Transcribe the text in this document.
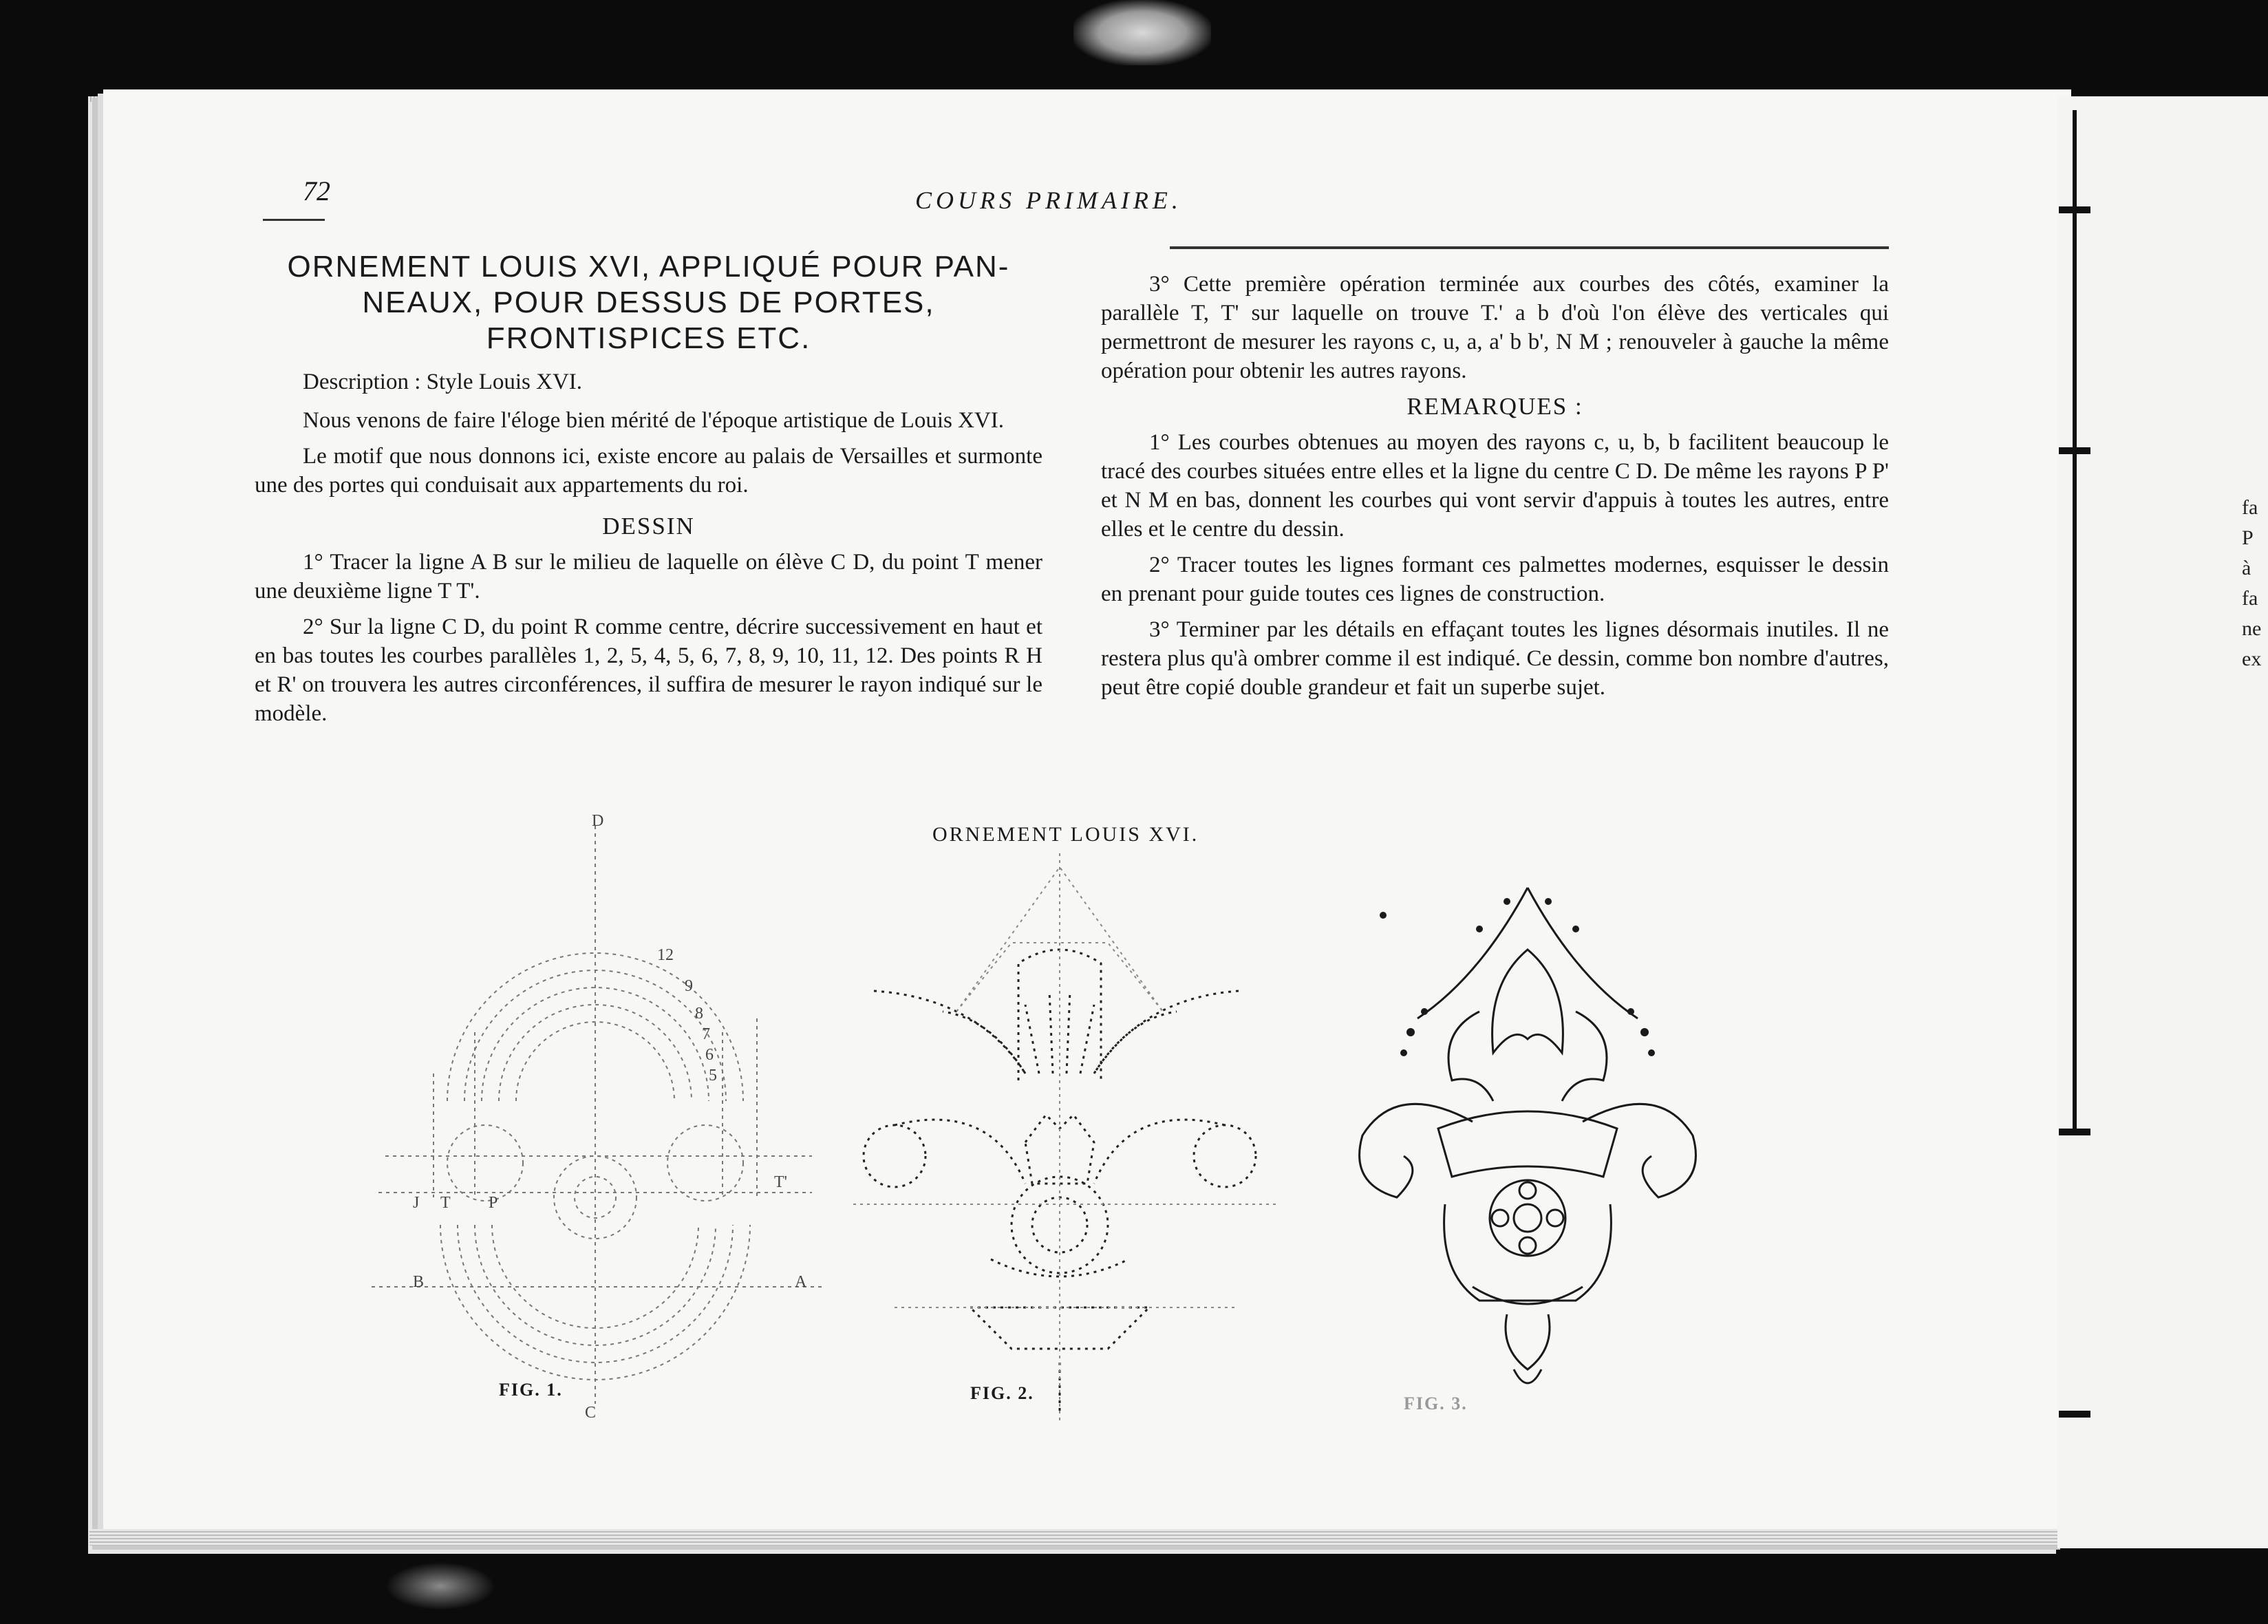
fa
P
à
fa
ne
ex
72	COURS PRIMAIRE.
ORNEMENT LOUIS XVI, APPLIQUÉ POUR PAN-
NEAUX, POUR DESSUS DE PORTES,
FRONTISPICES ETC.
Description : Style Louis XVI.

Nous venons de faire l'éloge bien mérité de l'époque artistique de Louis XVI.

Le motif que nous donnons ici, existe encore au palais de Versailles et surmonte une des portes qui conduisait aux appartements du roi.

DESSIN

1° Tracer la ligne A B sur le milieu de laquelle on élève C D, du point T mener une deuxième ligne T T'.

2° Sur la ligne C D, du point R comme centre, décrire successivement en haut et en bas toutes les courbes parallèles 1, 2, 5, 4, 5, 6, 7, 8, 9, 10, 11, 12. Des points R H et R' on trouvera les autres circonférences, il suffira de mesurer le rayon indiqué sur le modèle.

3° Cette première opération terminée aux courbes des côtés, examiner la parallèle T, T' sur laquelle on trouve T.' a b d'où l'on élève des verticales qui permettront de mesurer les rayons c, u, a, a' b b', N M ; renouveler à gauche la même opération pour obtenir les autres rayons.

REMARQUES :

1° Les courbes obtenues au moyen des rayons c, u, b, b facilitent beaucoup le tracé des courbes situées entre elles et la ligne du centre C D. De même les rayons P P' et N M en bas, donnent les courbes qui vont servir d'appuis à toutes les autres, entre elles et le centre du dessin.

2° Tracer toutes les lignes formant ces palmettes modernes, esquisser le dessin en prenant pour guide toutes ces lignes de construction.

3° Terminer par les détails en effaçant toutes les lignes désormais inutiles. Il ne restera plus qu'à ombrer comme il est indiqué. Ce dessin, comme bon nombre d'autres, peut être copié double grandeur et fait un superbe sujet.

ORNEMENT LOUIS XVI.
D
C
B	A
T
T'
J	P
12
9
8
7
6
5
FIG. 1.	FIG. 2.
FIG. 3.
